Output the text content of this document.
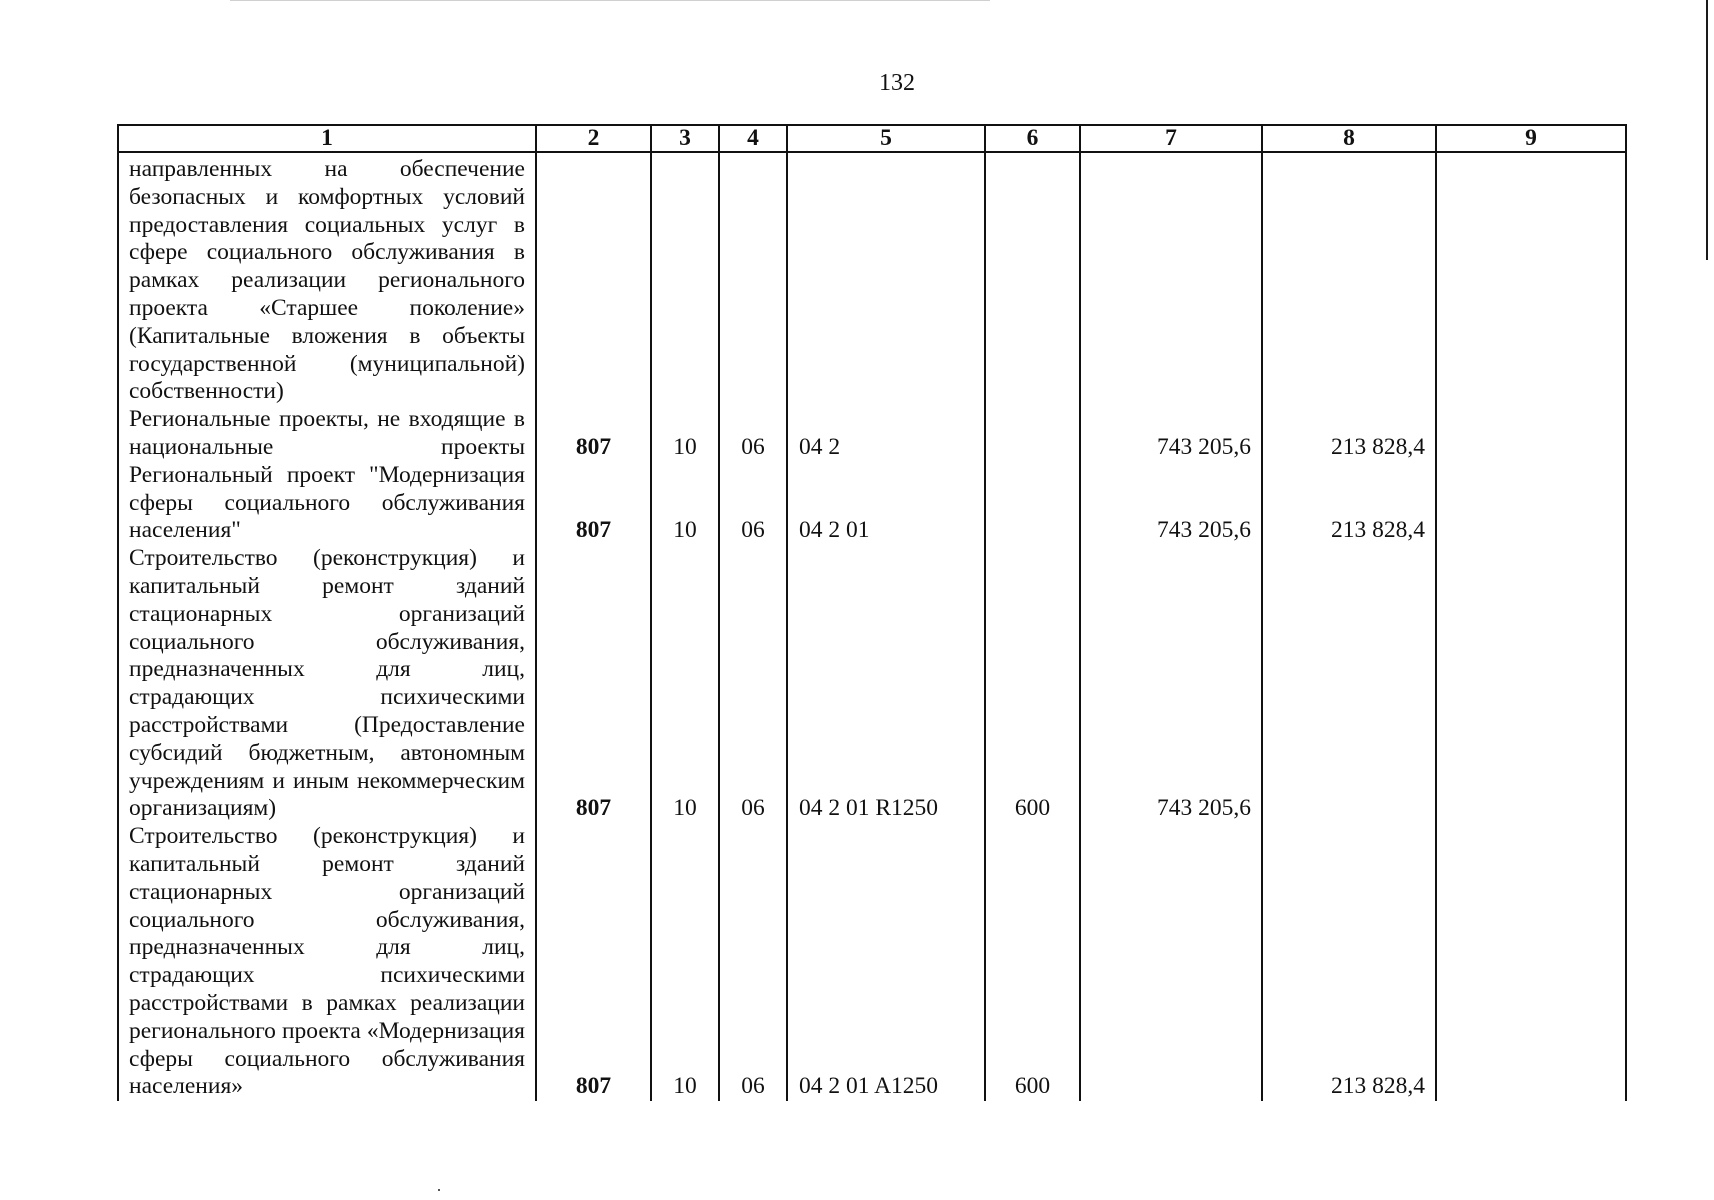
132
1	2	3	4	5	6	7	8	9
направленных на обеспечение безопасных и комфортных условий предоставления социальных услуг в сфере социального обслуживания в рамках реализации регионального проекта «Старшее поколение» (Капитальные вложения в объекты государственной (муниципальной) собственности)								
Региональные проекты, не входящие в национальные проекты	807	10	06	04 2		743 205,6	213 828,4	
Региональный проект "Модернизация сферы социального обслуживания населения"	807	10	06	04 2 01		743 205,6	213 828,4	
Строительство (реконструкция) и капитальный ремонт зданий стационарных организаций социального обслуживания, предназначенных для лиц, страдающих психическими расстройствами (Предоставление субсидий бюджетным, автономным учреждениям и иным некоммерческим организациям)	807	10	06	04 2 01 R1250	600	743 205,6		
Строительство (реконструкция) и капитальный ремонт зданий стационарных организаций социального обслуживания, предназначенных для лиц, страдающих психическими расстройствами в рамках реализации регионального проекта «Модернизация сферы социального обслуживания населения»	807	10	06	04 2 01 A1250	600		213 828,4	
